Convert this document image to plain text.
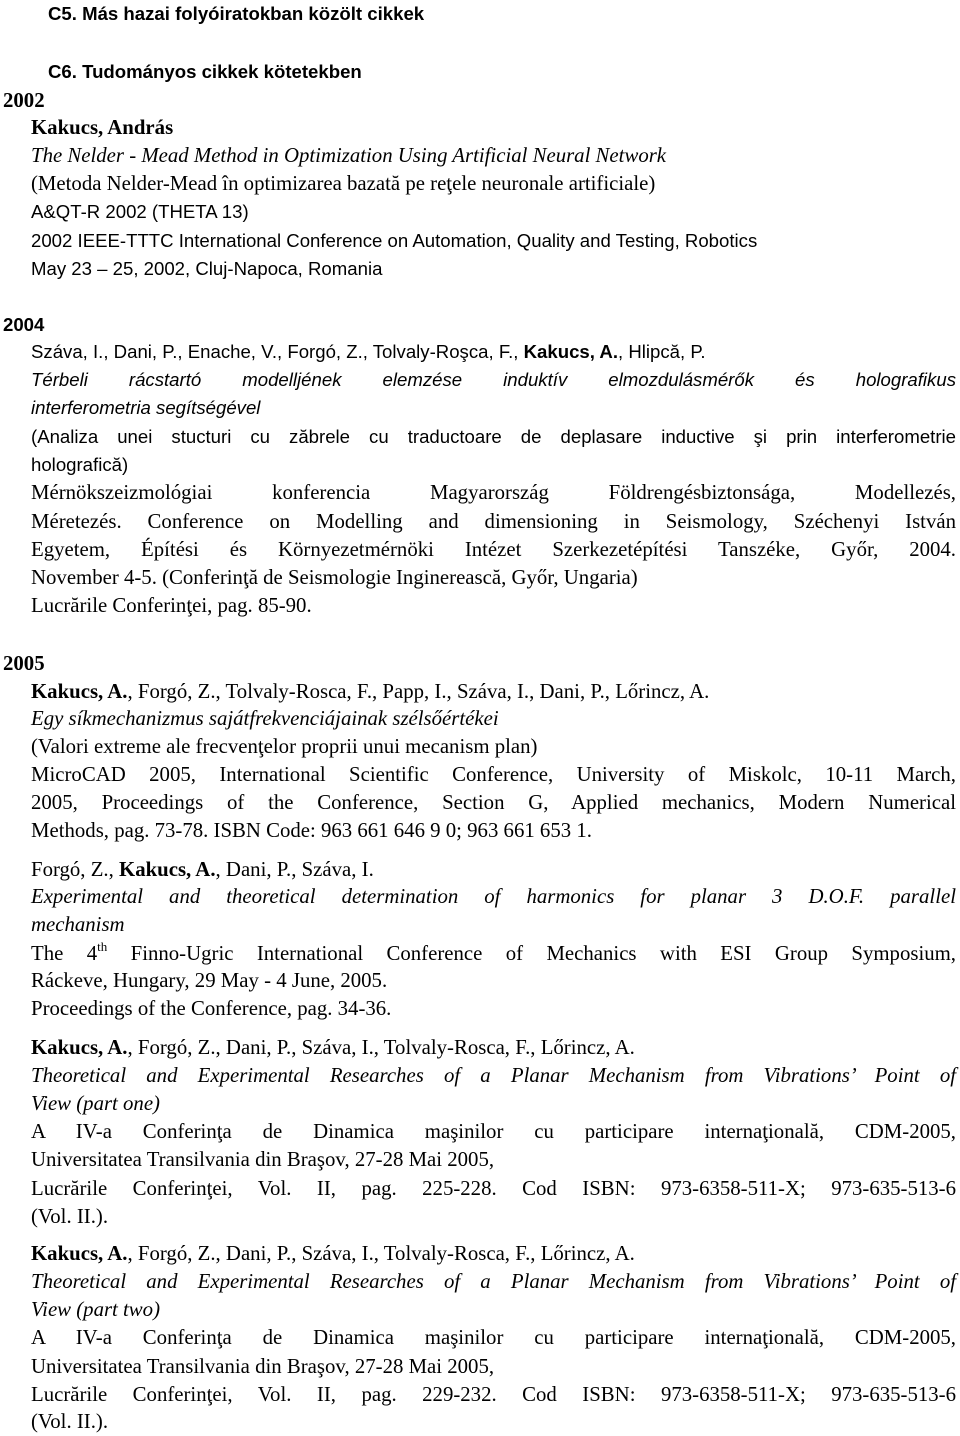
C5. Más hazai folyóiratokban közölt cikkek
C6. Tudományos cikkek kötetekben
2002
Kakucs, András
The Nelder - Mead Method in Optimization Using Artificial Neural Network
(Metoda Nelder-Mead în optimizarea bazată pe reţele neuronale artificiale)
A&QT-R 2002 (THETA 13)
2002 IEEE-TTTC International Conference on Automation, Quality and Testing, Robotics
May 23 – 25, 2002, Cluj-Napoca, Romania
2004
Száva, I., Dani, P., Enache, V., Forgó, Z., Tolvaly-Roşca, F., Kakucs, A., Hlipcă, P.
Térbeli rácstartó modelljének elemzése induktív elmozdulásmérők és holografikus
interferometria segítségével
(Analiza unei stucturi cu zăbrele cu traductoare de deplasare inductive şi prin interferometrie
holografică)
Mérnökszeizmológiai konferencia Magyarország Földrengésbiztonsága, Modellezés,
Méretezés. Conference on Modelling and dimensioning in Seismology, Széchenyi István
Egyetem, Építési és Környezetmérnöki Intézet Szerkezetépítési Tanszéke, Győr, 2004.
November 4-5. (Conferinţă de Seismologie Inginerească, Győr, Ungaria)
Lucrările Conferinţei, pag. 85-90.
2005
Kakucs, A., Forgó, Z., Tolvaly-Rosca, F., Papp, I., Száva, I., Dani, P., Lőrincz, A.
Egy síkmechanizmus sajátfrekvenciájainak szélsőértékei
(Valori extreme ale frecvenţelor proprii unui mecanism plan)
MicroCAD 2005, International Scientific Conference, University of Miskolc, 10-11 March,
2005, Proceedings of the Conference, Section G, Applied mechanics, Modern Numerical
Methods, pag. 73-78. ISBN Code: 963 661 646 9 0; 963 661 653 1.
Forgó, Z., Kakucs, A., Dani, P., Száva, I.
Experimental and theoretical determination of harmonics for planar 3 D.O.F. parallel
mechanism
The 4th Finno-Ugric International Conference of Mechanics with ESI Group Symposium,
Ráckeve, Hungary, 29 May - 4 June, 2005.
Proceedings of the Conference, pag. 34-36.
Kakucs, A., Forgó, Z., Dani, P., Száva, I., Tolvaly-Rosca, F., Lőrincz, A.
Theoretical and Experimental Researches of a Planar Mechanism from Vibrations’ Point of
View (part one)
A IV-a Conferinţa de Dinamica maşinilor cu participare internaţională, CDM-2005,
Universitatea Transilvania din Braşov, 27-28 Mai 2005,
Lucrările Conferinţei, Vol. II, pag. 225-228. Cod ISBN: 973-6358-511-X; 973-635-513-6
(Vol. II.).
Kakucs, A., Forgó, Z., Dani, P., Száva, I., Tolvaly-Rosca, F., Lőrincz, A.
Theoretical and Experimental Researches of a Planar Mechanism from Vibrations’ Point of
View (part two)
A IV-a Conferinţa de Dinamica maşinilor cu participare internaţională, CDM-2005,
Universitatea Transilvania din Braşov, 27-28 Mai 2005,
Lucrările Conferinţei, Vol. II, pag. 229-232. Cod ISBN: 973-6358-511-X; 973-635-513-6
(Vol. II.).
